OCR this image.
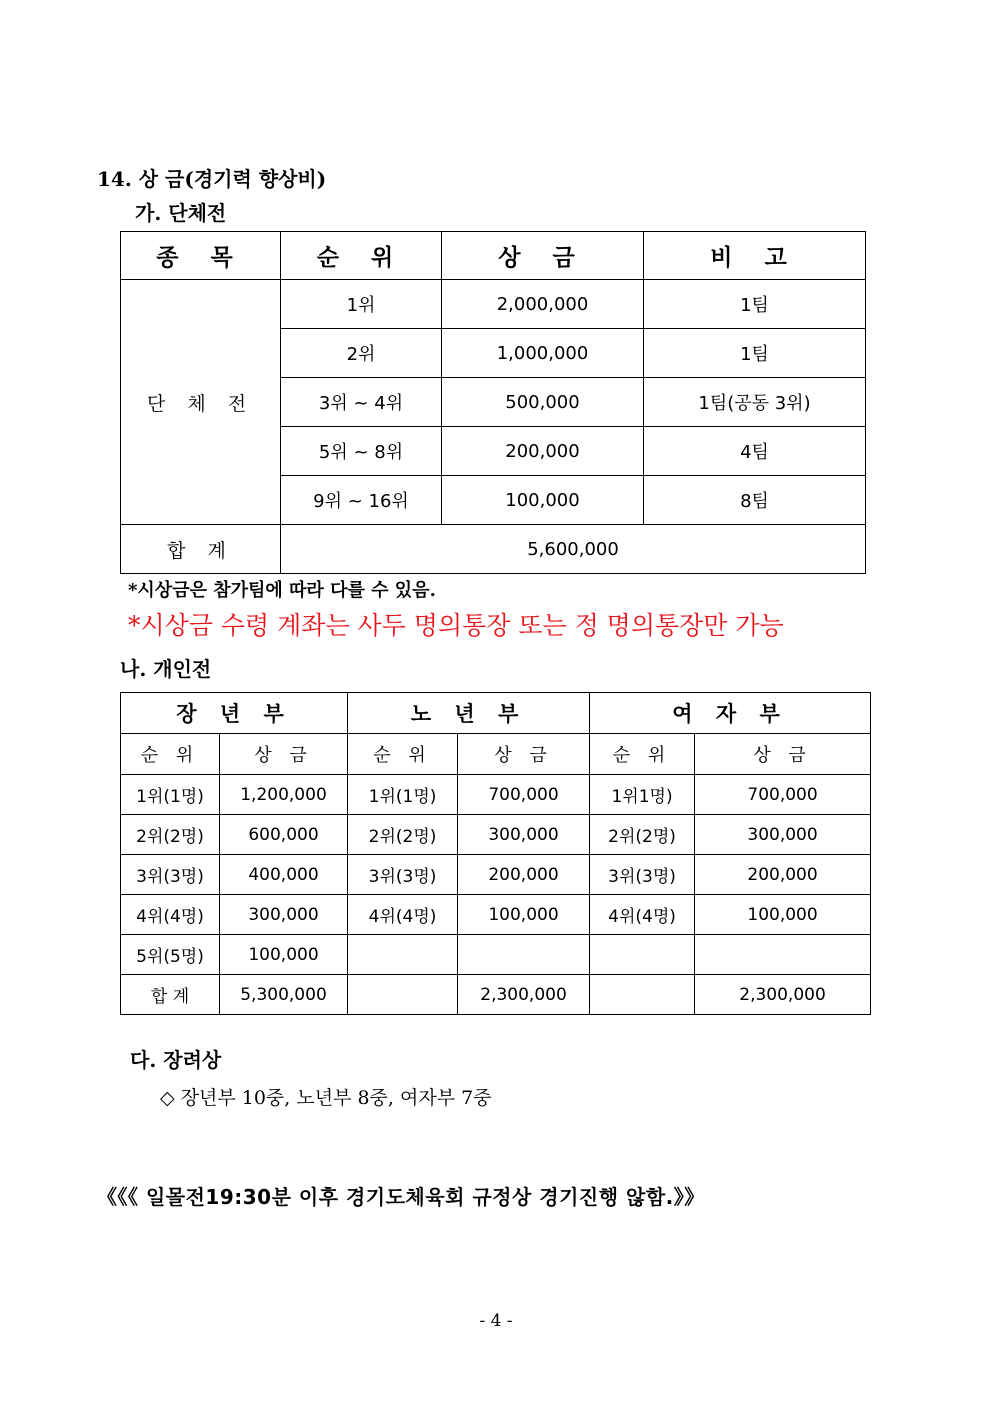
14. 상 금(경기력 향상비)
가. 단체전
종 목	순 위	상 금	비 고
단 체 전	1위	2,000,000	1팀
	2위	1,000,000	1팀
	3위 ~ 4위	500,000	1팀(공동 3위)
	5위 ~ 8위	200,000	4팀
	9위 ~ 16위	100,000	8팀
합 계	5,600,000		
*시상금은 참가팀에 따라 다를 수 있음.
*시상금 수령 계좌는 사두 명의통장 또는 정 명의통장만 가능
나. 개인전
장 년 부		노 년 부		여 자 부	
순 위	상 금	순 위	상 금	순 위	상 금
1위(1명)	1,200,000	1위(1명)	700,000	1위1명)	700,000
2위(2명)	600,000	2위(2명)	300,000	2위(2명)	300,000
3위(3명)	400,000	3위(3명)	200,000	3위(3명)	200,000
4위(4명)	300,000	4위(4명)	100,000	4위(4명)	100,000
5위(5명)	100,000				
합 계	5,300,000		2,300,000		2,300,000
다. 장려상
◇ 장년부 10중, 노년부 8중, 여자부 7중
《《《 일몰전19:30분 이후 경기도체육회 규정상 경기진행 않함.》》
- 4 -
